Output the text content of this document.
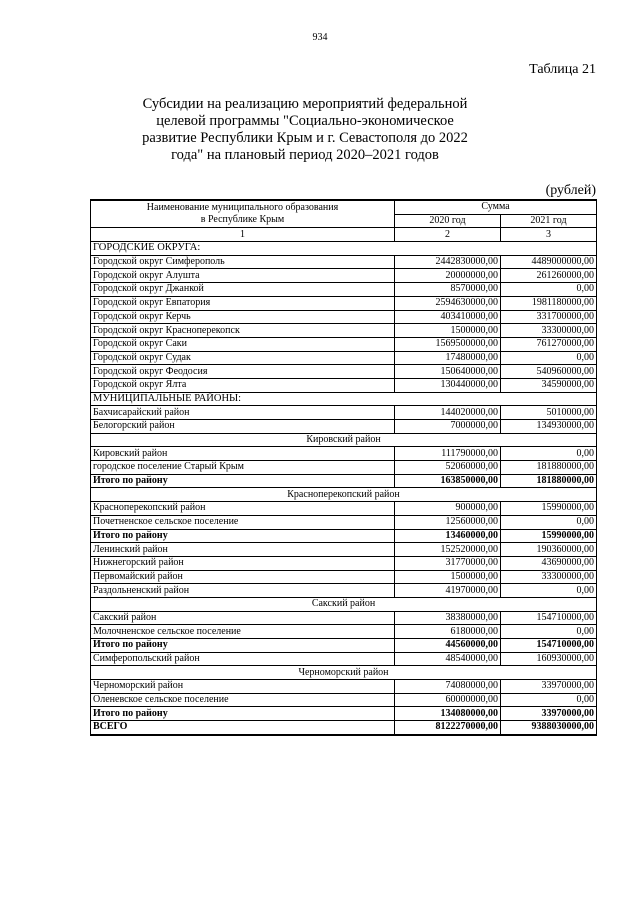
934
Таблица 21
Субсидии на реализацию мероприятий федеральной целевой программы "Социально-экономическое развитие Республики Крым и г. Севастополя до 2022 года" на плановый период 2020–2021 годов
(рублей)
Наименование муниципального образования
в Республике Крым	Сумма	
	2020 год	2021 год
1	2	3
ГОРОДСКИЕ ОКРУГА:		
Городской округ Симферополь	2442830000,00	4489000000,00
Городской округ Алушта	20000000,00	261260000,00
Городской округ Джанкой	8570000,00	0,00
Городской округ Евпатория	2594630000,00	1981180000,00
Городской округ Керчь	403410000,00	331700000,00
Городской округ Красноперекопск	1500000,00	33300000,00
Городской округ Саки	1569500000,00	761270000,00
Городской округ Судак	17480000,00	0,00
Городской округ Феодосия	150640000,00	540960000,00
Городской округ Ялта	130440000,00	34590000,00
МУНИЦИПАЛЬНЫЕ РАЙОНЫ:		
Бахчисарайский район	144020000,00	5010000,00
Белогорский район	7000000,00	134930000,00
Кировский район		
Кировский район	111790000,00	0,00
городское поселение Старый Крым	52060000,00	181880000,00
Итого по району	163850000,00	181880000,00
Красноперекопский район		
Красноперекопский район	900000,00	15990000,00
Почетненское сельское поселение	12560000,00	0,00
Итого по району	13460000,00	15990000,00
Ленинский район	152520000,00	190360000,00
Нижнегорский район	31770000,00	43690000,00
Первомайский район	1500000,00	33300000,00
Раздольненский район	41970000,00	0,00
Сакский район		
Сакский район	38380000,00	154710000,00
Молочненское сельское поселение	6180000,00	0,00
Итого по району	44560000,00	154710000,00
Симферопольский район	48540000,00	160930000,00
Черноморский район		
Черноморский район	74080000,00	33970000,00
Оленевское сельское поселение	60000000,00	0,00
Итого по району	134080000,00	33970000,00
ВСЕГО	8122270000,00	9388030000,00
